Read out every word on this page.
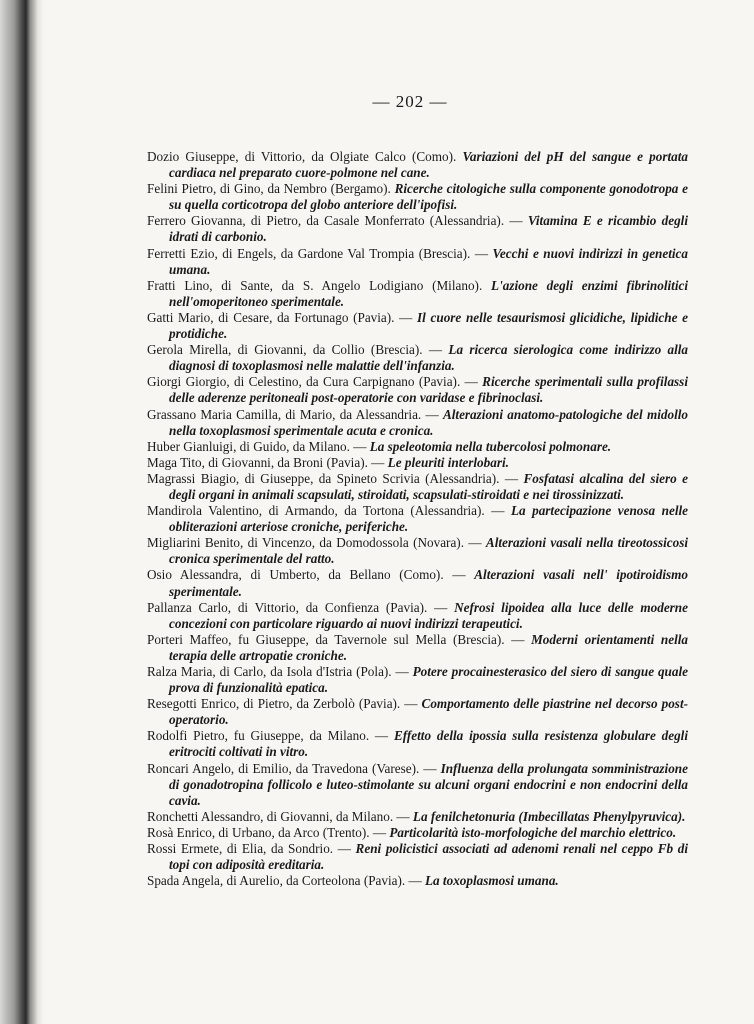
— 202 —

Dozio Giuseppe, di Vittorio, da Olgiate Calco (Como). Variazioni del pH del sangue e portata cardiaca nel preparato cuore-polmone nel cane.

Felini Pietro, di Gino, da Nembro (Bergamo). Ricerche citologiche sulla componente gonodotropa e su quella corticotropa del globo anteriore dell'ipofisi.

Ferrero Giovanna, di Pietro, da Casale Monferrato (Alessandria). — Vitamina E e ricambio degli idrati di carbonio.

Ferretti Ezio, di Engels, da Gardone Val Trompia (Brescia). — Vecchi e nuovi indirizzi in genetica umana.

Fratti Lino, di Sante, da S. Angelo Lodigiano (Milano). L'azione degli enzimi fibrinolitici nell'omoperitoneo sperimentale.

Gatti Mario, di Cesare, da Fortunago (Pavia). — Il cuore nelle tesaurismosi glicidiche, lipidiche e protidiche.

Gerola Mirella, di Giovanni, da Collio (Brescia). — La ricerca sierologica come indirizzo alla diagnosi di toxoplasmosi nelle malattie dell'infanzia.

Giorgi Giorgio, di Celestino, da Cura Carpignano (Pavia). — Ricerche sperimentali sulla profilassi delle aderenze peritoneali post-operatorie con varidase e fibrinoclasi.

Grassano Maria Camilla, di Mario, da Alessandria. — Alterazioni anatomo-patologiche del midollo nella toxoplasmosi sperimentale acuta e cronica.

Huber Gianluigi, di Guido, da Milano. — La speleotomia nella tubercolosi polmonare.

Maga Tito, di Giovanni, da Broni (Pavia). — Le pleuriti interlobari.

Magrassi Biagio, di Giuseppe, da Spineto Scrivia (Alessandria). — Fosfatasi alcalina del siero e degli organi in animali scapsulati, stiroidati, scapsulati-stiroidati e nei tirossinizzati.

Mandirola Valentino, di Armando, da Tortona (Alessandria). — La partecipazione venosa nelle obliterazioni arteriose croniche, periferiche.

Migliarini Benito, di Vincenzo, da Domodossola (Novara). — Alterazioni vasali nella tireotossicosi cronica sperimentale del ratto.

Osio Alessandra, di Umberto, da Bellano (Como). — Alterazioni vasali nell' ipotiroidismo sperimentale.

Pallanza Carlo, di Vittorio, da Confienza (Pavia). — Nefrosi lipoidea alla luce delle moderne concezioni con particolare riguardo ai nuovi indirizzi terapeutici.

Porteri Maffeo, fu Giuseppe, da Tavernole sul Mella (Brescia). — Moderni orientamenti nella terapia delle artropatie croniche.

Ralza Maria, di Carlo, da Isola d'Istria (Pola). — Potere procainesterasico del siero di sangue quale prova di funzionalità epatica.

Resegotti Enrico, di Pietro, da Zerbolò (Pavia). — Comportamento delle piastrine nel decorso post-operatorio.

Rodolfi Pietro, fu Giuseppe, da Milano. — Effetto della ipossia sulla resistenza globulare degli eritrociti coltivati in vitro.

Roncari Angelo, di Emilio, da Travedona (Varese). — Influenza della prolungata somministrazione di gonadotropina follicolo e luteo-stimolante su alcuni organi endocrini e non endocrini della cavia.

Ronchetti Alessandro, di Giovanni, da Milano. — La fenilchetonuria (Imbecillatas Phenylpyruvica).

Rosà Enrico, di Urbano, da Arco (Trento). — Particolarità isto-morfologiche del marchio elettrico.

Rossi Ermete, di Elia, da Sondrio. — Reni policistici associati ad adenomi renali nel ceppo Fb di topi con adiposità ereditaria.

Spada Angela, di Aurelio, da Corteolona (Pavia). — La toxoplasmosi umana.
